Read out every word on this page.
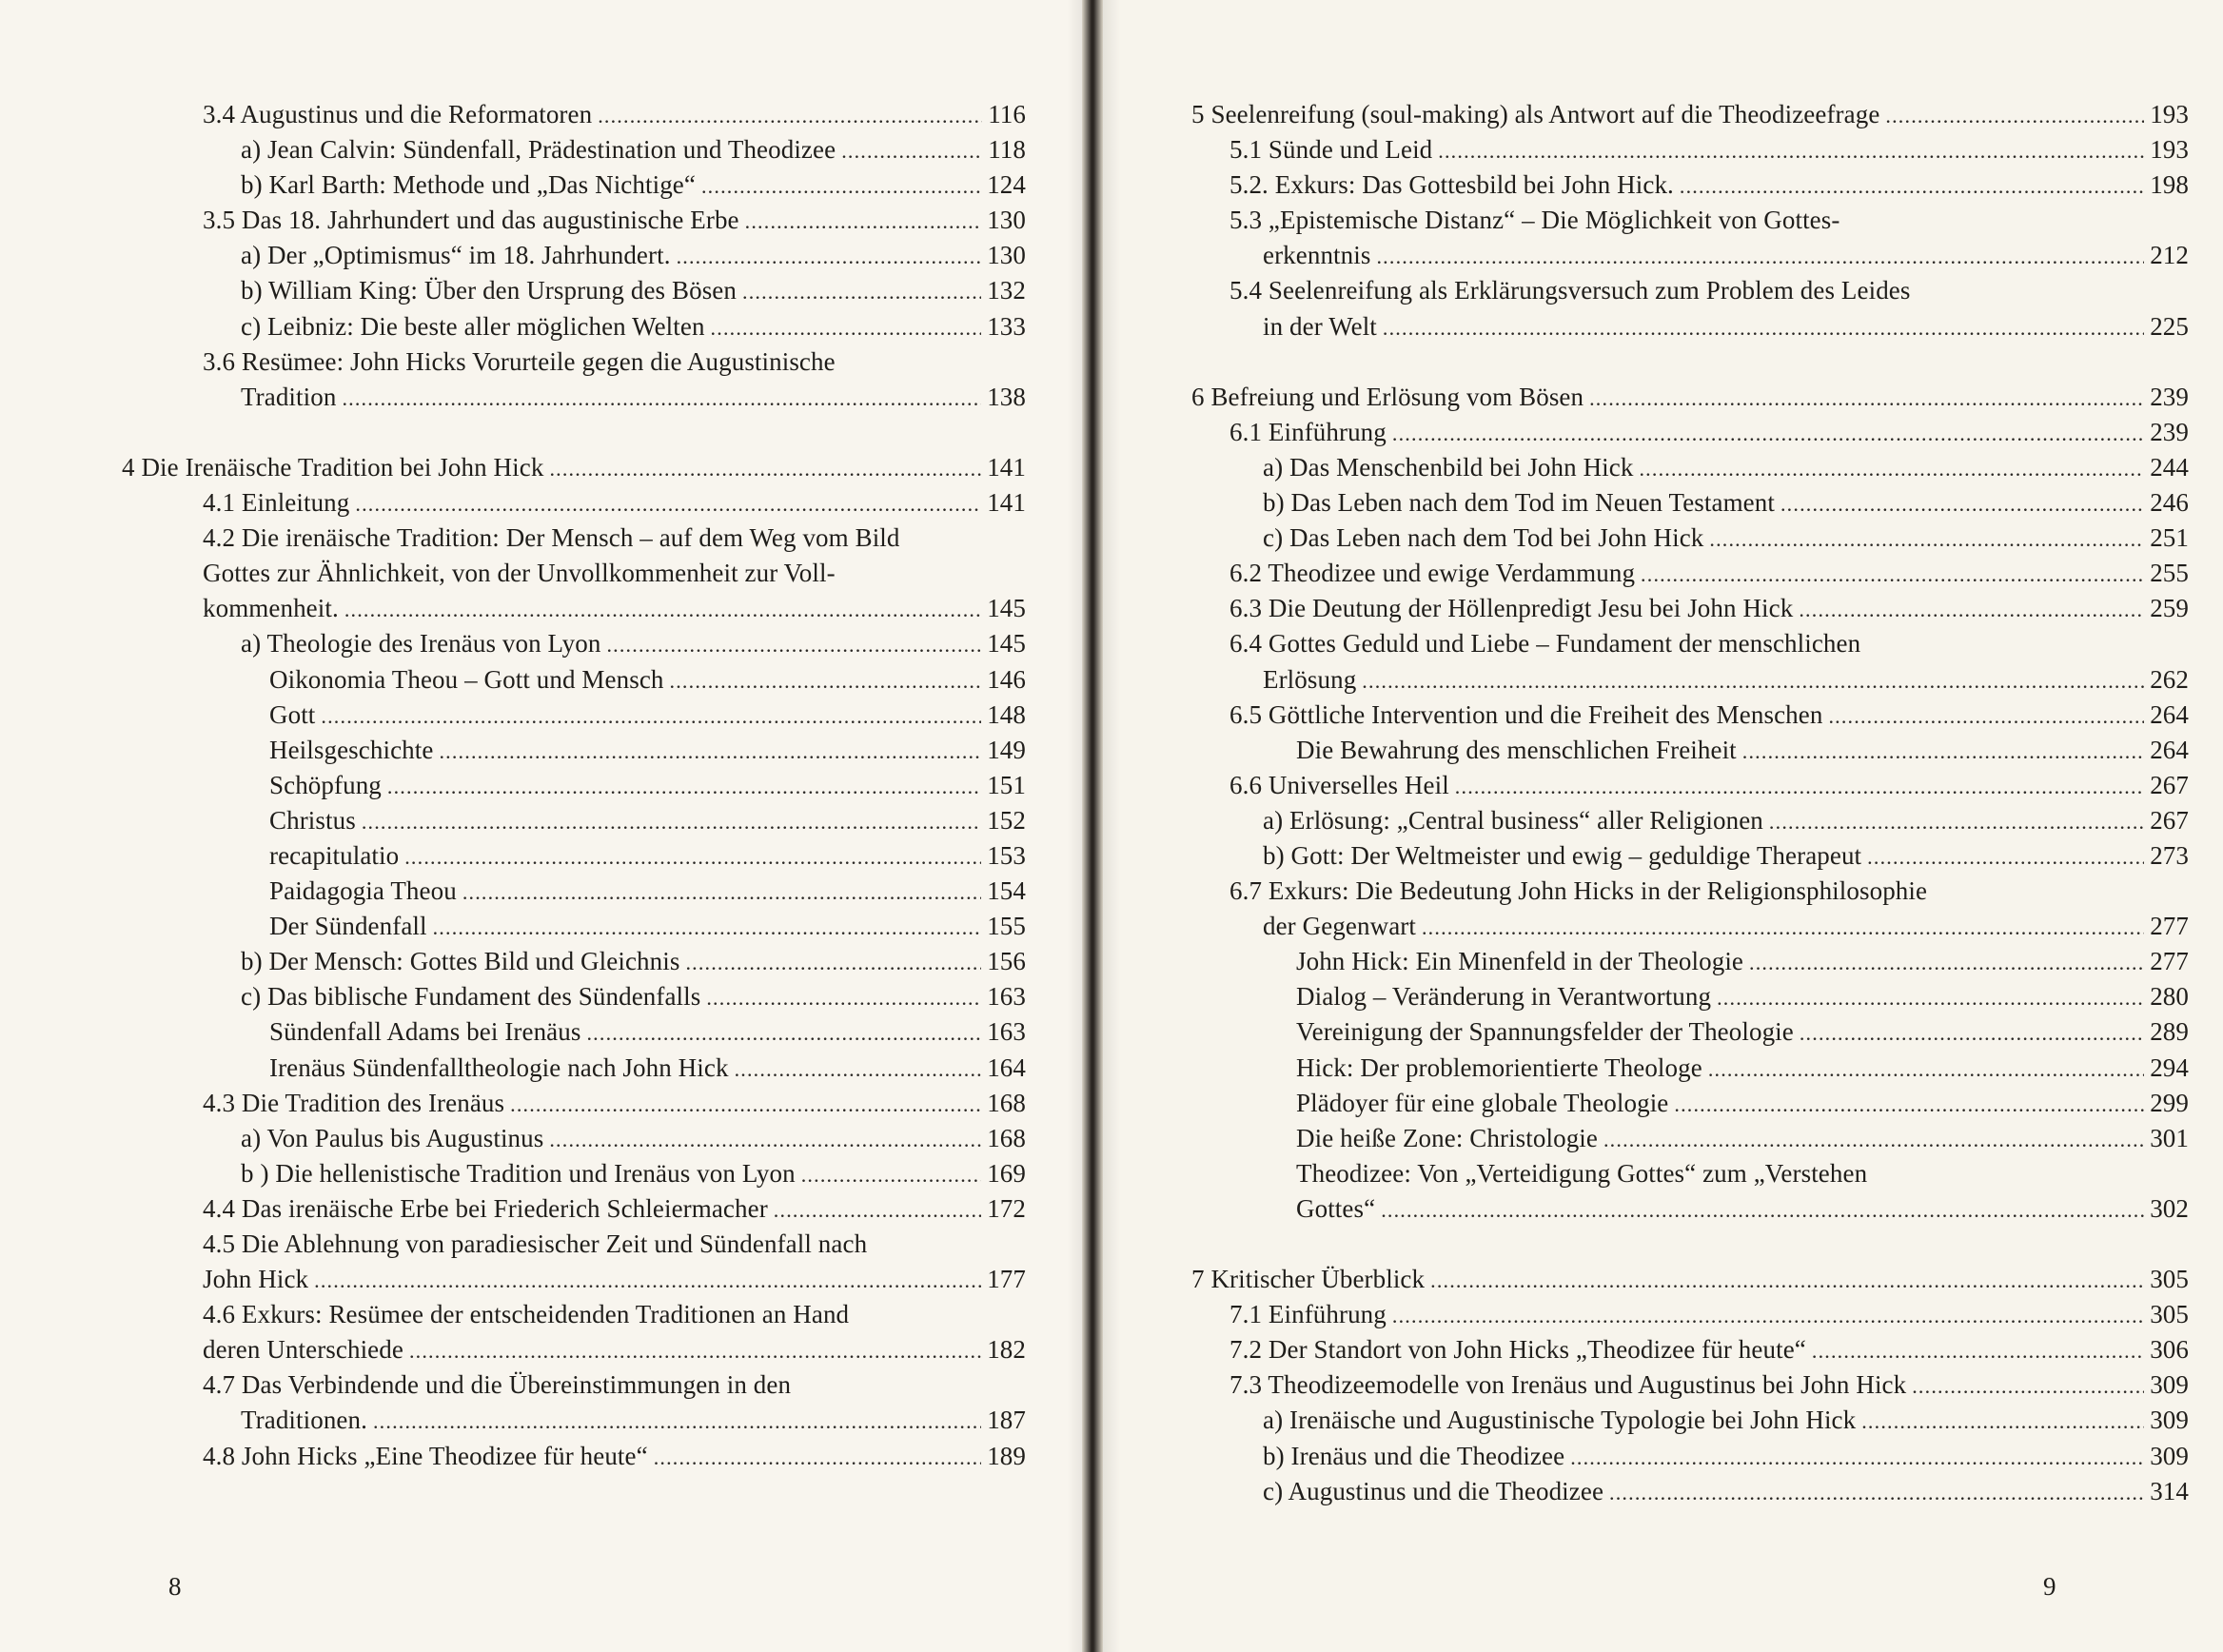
3.4 Augustinus und die Reformatoren .....	116
a) Jean Calvin: Sündenfall, Prädestination und Theodizee .....	118
b) Karl Barth: Methode und „Das Nichtige“ .....	124
3.5 Das 18. Jahrhundert und das augustinische Erbe .....	130
a) Der „Optimismus“ im 18. Jahrhundert. .....	130
b) William King: Über den Ursprung des Bösen .....	132
c) Leibniz: Die beste aller möglichen Welten .....	133
3.6 Resümee: John Hicks Vorurteile gegen die Augustinische
Tradition .....	138
4 Die Irenäische Tradition bei John Hick .....	141
4.1 Einleitung .....	141
4.2 Die irenäische Tradition: Der Mensch – auf dem Weg vom Bild
Gottes zur Ähnlichkeit, von der Unvollkommenheit zur Voll-
kommenheit. .....	145
a) Theologie des Irenäus von Lyon .....	145
Oikonomia Theou – Gott und Mensch .....	146
Gott .....	148
Heilsgeschichte .....	149
Schöpfung .....	151
Christus .....	152
recapitulatio .....	153
Paidagogia Theou .....	154
Der Sündenfall .....	155
b) Der Mensch: Gottes Bild und Gleichnis .....	156
c) Das biblische Fundament des Sündenfalls .....	163
Sündenfall Adams bei Irenäus .....	163
Irenäus Sündenfalltheologie nach John Hick .....	164
4.3 Die Tradition des Irenäus .....	168
a) Von Paulus bis Augustinus .....	168
b ) Die hellenistische Tradition und Irenäus von Lyon .....	169
4.4 Das irenäische Erbe bei Friederich Schleiermacher .....	172
4.5 Die Ablehnung von paradiesischer Zeit und Sündenfall nach
John Hick .....	177
4.6 Exkurs: Resümee der entscheidenden Traditionen an Hand
deren Unterschiede .....	182
4.7 Das Verbindende und die Übereinstimmungen in den
Traditionen. .....	187
4.8 John Hicks „Eine Theodizee für heute“ .....	189
8
5 Seelenreifung (soul-making) als Antwort auf die Theodizeefrage .....	193
5.1 Sünde und Leid .....	193
5.2. Exkurs: Das Gottesbild bei John Hick. .....	198
5.3 „Epistemische Distanz“ – Die Möglichkeit von Gottes-
erkenntnis .....	212
5.4 Seelenreifung als Erklärungsversuch zum Problem des Leides
in der Welt .....	225
6 Befreiung und Erlösung vom Bösen .....	239
6.1 Einführung .....	239
a) Das Menschenbild bei John Hick .....	244
b) Das Leben nach dem Tod im Neuen Testament .....	246
c) Das Leben nach dem Tod bei John Hick .....	251
6.2 Theodizee und ewige Verdammung .....	255
6.3 Die Deutung der Höllenpredigt Jesu bei John Hick .....	259
6.4 Gottes Geduld und Liebe – Fundament der menschlichen
Erlösung .....	262
6.5 Göttliche Intervention und die Freiheit des Menschen .....	264
Die Bewahrung des menschlichen Freiheit .....	264
6.6 Universelles Heil .....	267
a) Erlösung: „Central business“ aller Religionen .....	267
b) Gott: Der Weltmeister und ewig – geduldige Therapeut .....	273
6.7 Exkurs: Die Bedeutung John Hicks in der Religionsphilosophie
der Gegenwart .....	277
John Hick: Ein Minenfeld in der Theologie .....	277
Dialog – Veränderung in Verantwortung .....	280
Vereinigung der Spannungsfelder der Theologie .....	289
Hick: Der problemorientierte Theologe .....	294
Plädoyer für eine globale Theologie .....	299
Die heiße Zone: Christologie .....	301
Theodizee: Von „Verteidigung Gottes“ zum „Verstehen
Gottes“ .....	302
7 Kritischer Überblick .....	305
7.1 Einführung .....	305
7.2 Der Standort von John Hicks „Theodizee für heute“ .....	306
7.3 Theodizeemodelle von Irenäus und Augustinus bei John Hick .....	309
a) Irenäische und Augustinische Typologie bei John Hick .....	309
b) Irenäus und die Theodizee .....	309
c) Augustinus und die Theodizee .....	314
9
